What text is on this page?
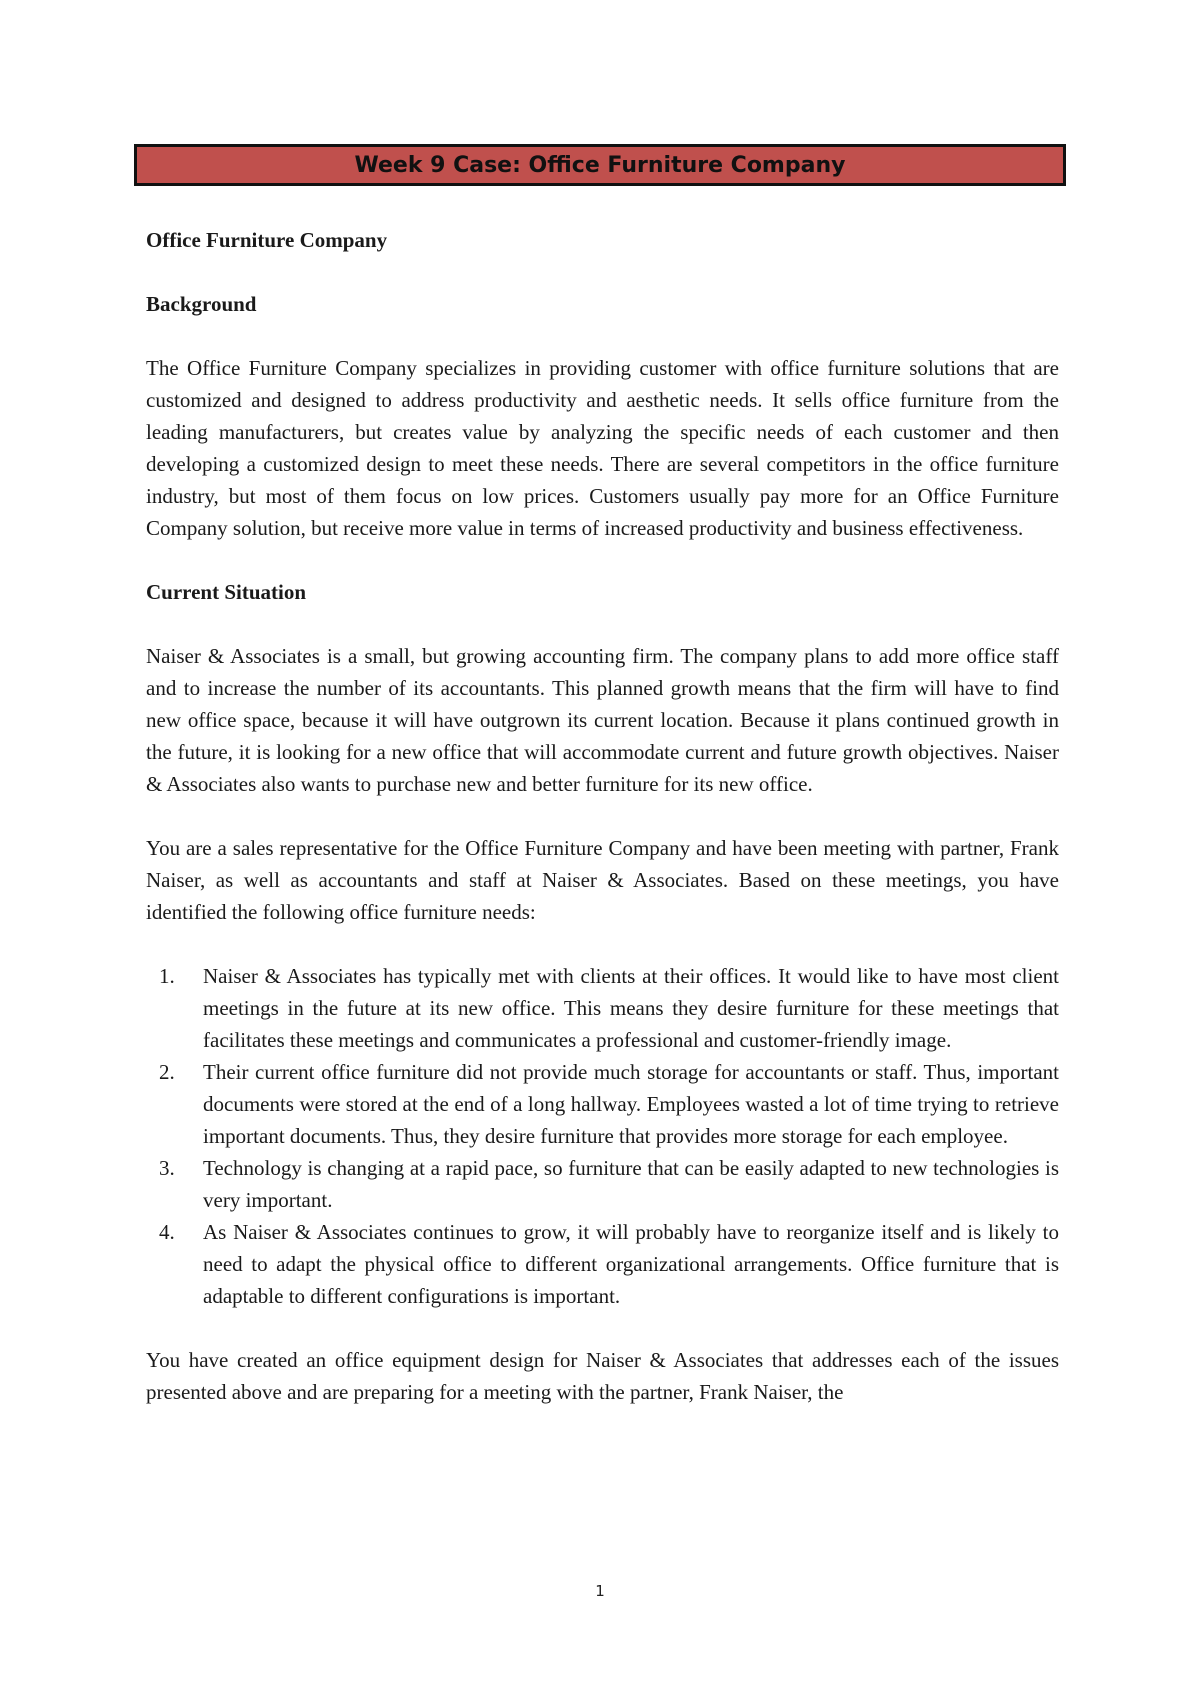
Week 9 Case: Office Furniture Company

Office Furniture Company

Background

The Office Furniture Company specializes in providing customer with office furniture solutions that are customized and designed to address productivity and aesthetic needs. It sells office furniture from the leading manufacturers, but creates value by analyzing the specific needs of each customer and then developing a customized design to meet these needs. There are several competitors in the office furniture industry, but most of them focus on low prices. Customers usually pay more for an Office Furniture Company solution, but receive more value in terms of increased productivity and business effectiveness.

Current Situation

Naiser & Associates is a small, but growing accounting firm. The company plans to add more office staff and to increase the number of its accountants. This planned growth means that the firm will have to find new office space, because it will have outgrown its current location. Because it plans continued growth in the future, it is looking for a new office that will accommodate current and future growth objectives. Naiser & Associates also wants to purchase new and better furniture for its new office.

You are a sales representative for the Office Furniture Company and have been meeting with partner, Frank Naiser, as well as accountants and staff at Naiser & Associates. Based on these meetings, you have identified the following office furniture needs:

1. Naiser & Associates has typically met with clients at their offices. It would like to have most client meetings in the future at its new office. This means they desire furniture for these meetings that facilitates these meetings and communicates a professional and customer-friendly image.
2. Their current office furniture did not provide much storage for accountants or staff. Thus, important documents were stored at the end of a long hallway. Employees wasted a lot of time trying to retrieve important documents. Thus, they desire furniture that provides more storage for each employee.
3. Technology is changing at a rapid pace, so furniture that can be easily adapted to new technologies is very important.
4. As Naiser & Associates continues to grow, it will probably have to reorganize itself and is likely to need to adapt the physical office to different organizational arrangements. Office furniture that is adaptable to different configurations is important.

You have created an office equipment design for Naiser & Associates that addresses each of the issues presented above and are preparing for a meeting with the partner, Frank Naiser, the

1
